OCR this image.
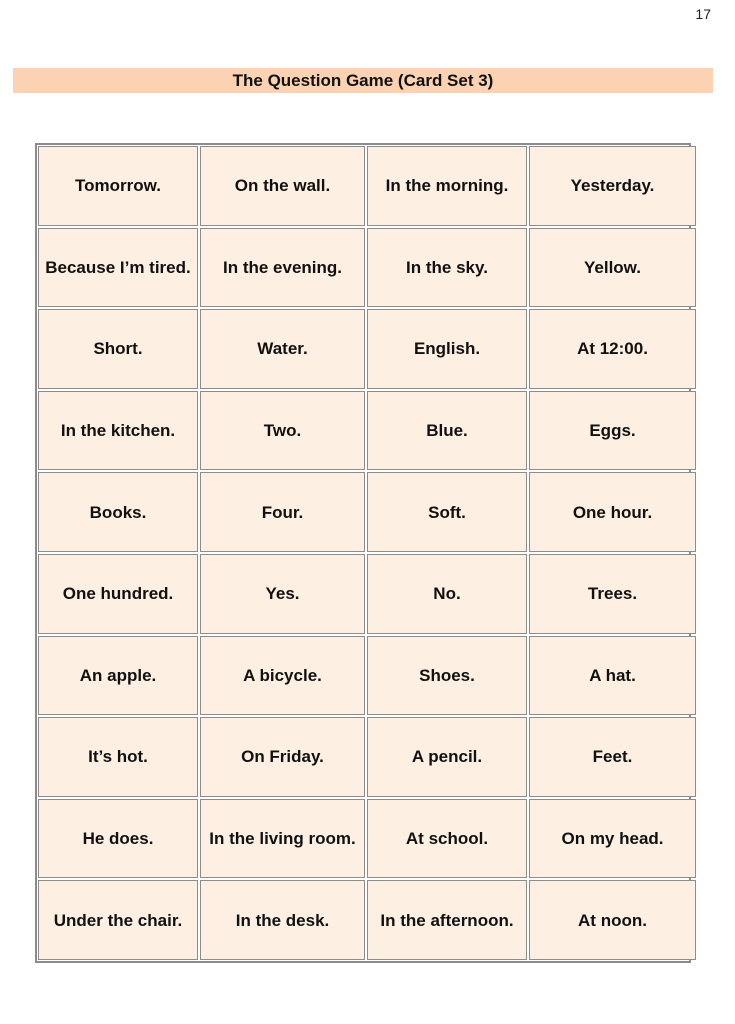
17
The Question Game (Card Set 3)
Tomorrow.	On the wall.	In the morning.	Yesterday.
Because I’m tired.	In the evening.	In the sky.	Yellow.
Short.	Water.	English.	At 12:00.
In the kitchen.	Two.	Blue.	Eggs.
Books.	Four.	Soft.	One hour.
One hundred.	Yes.	No.	Trees.
An apple.	A bicycle.	Shoes.	A hat.
It’s hot.	On Friday.	A pencil.	Feet.
He does.	In the living room.	At school.	On my head.
Under the chair.	In the desk.	In the afternoon.	At noon.
